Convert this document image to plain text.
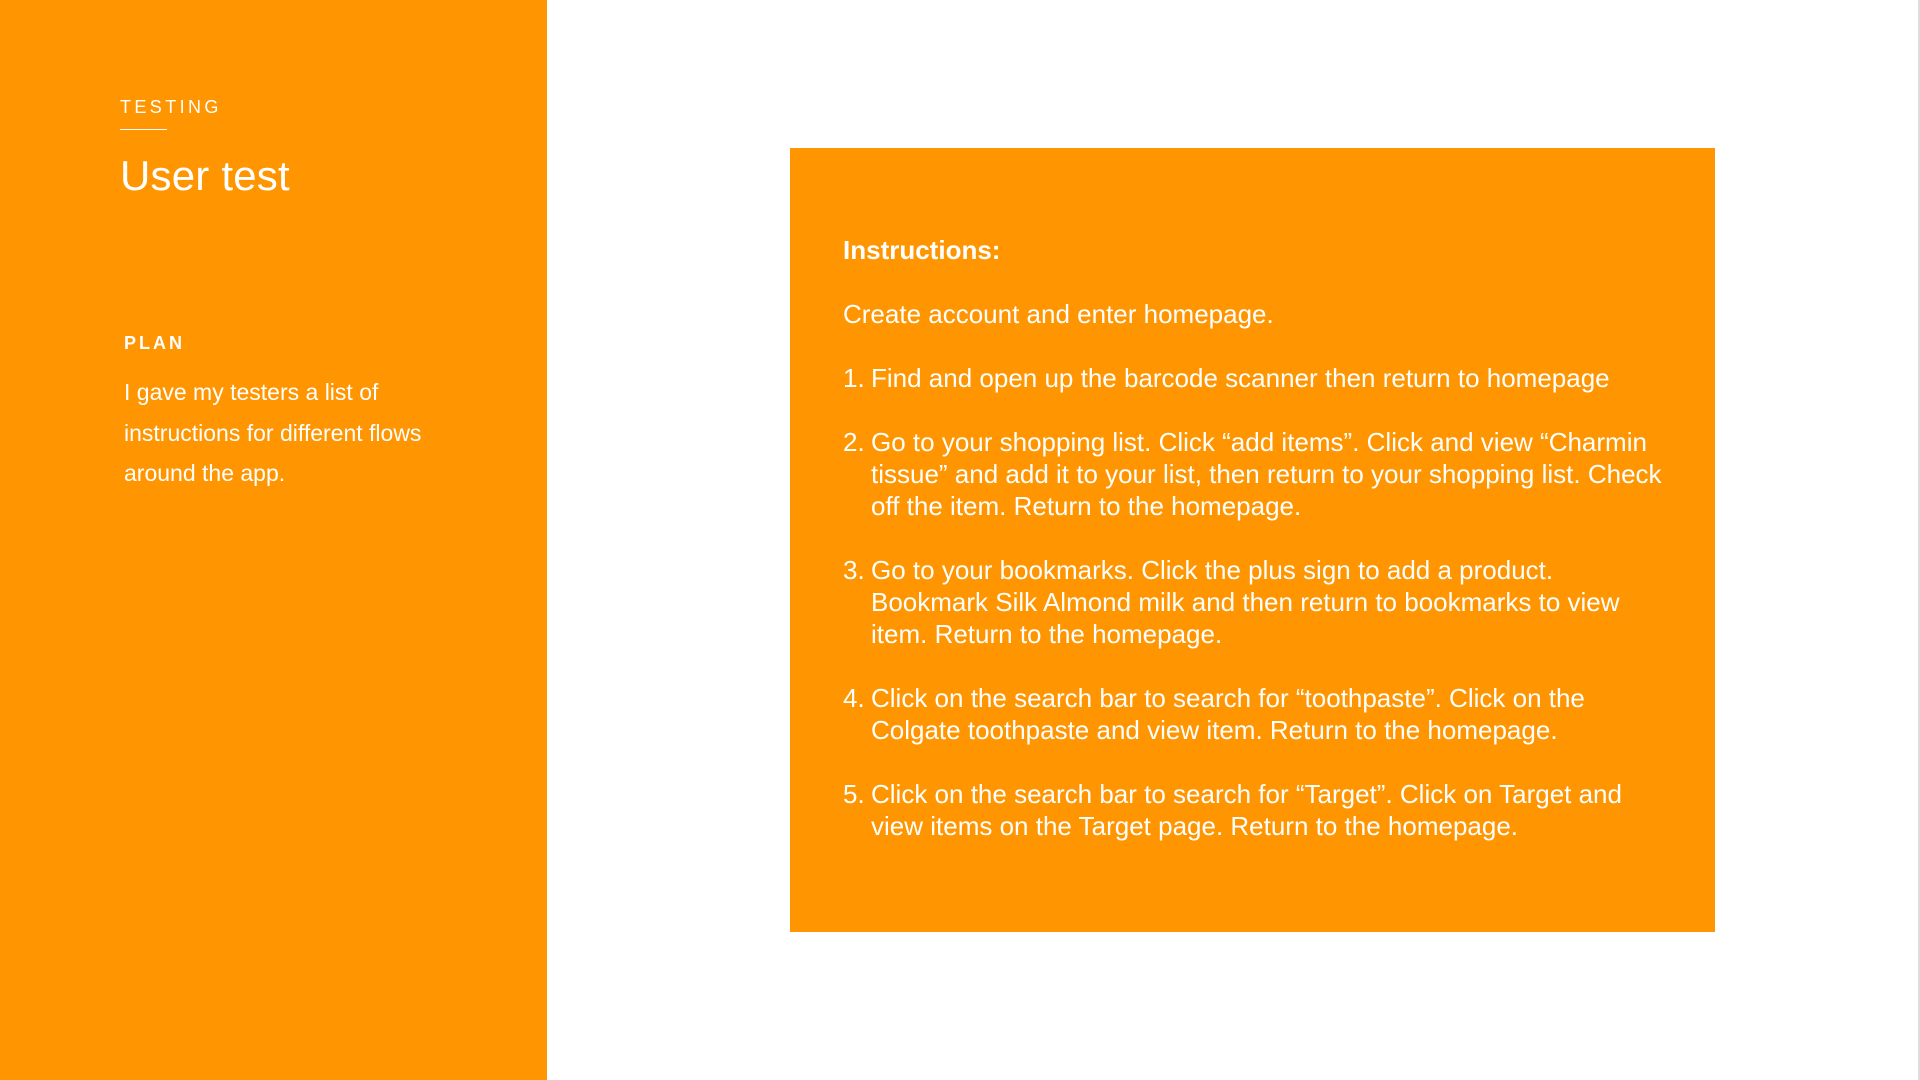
TESTING
User test
PLAN
I gave my testers a list of instructions for different flows around the app.
Instructions:
Create account and enter homepage.
1. Find and open up the barcode scanner then return to homepage
2. Go to your shopping list. Click “add items”. Click and view “Charmin tissue” and add it to your list, then return to your shopping list. Check off the item. Return to the homepage.
3. Go to your bookmarks. Click the plus sign to add a product. Bookmark Silk Almond milk and then return to bookmarks to view item. Return to the homepage.
4. Click on the search bar to search for “toothpaste”. Click on the Colgate toothpaste and view item. Return to the homepage.
5. Click on the search bar to search for “Target”. Click on Target and view items on the Target page. Return to the homepage.
